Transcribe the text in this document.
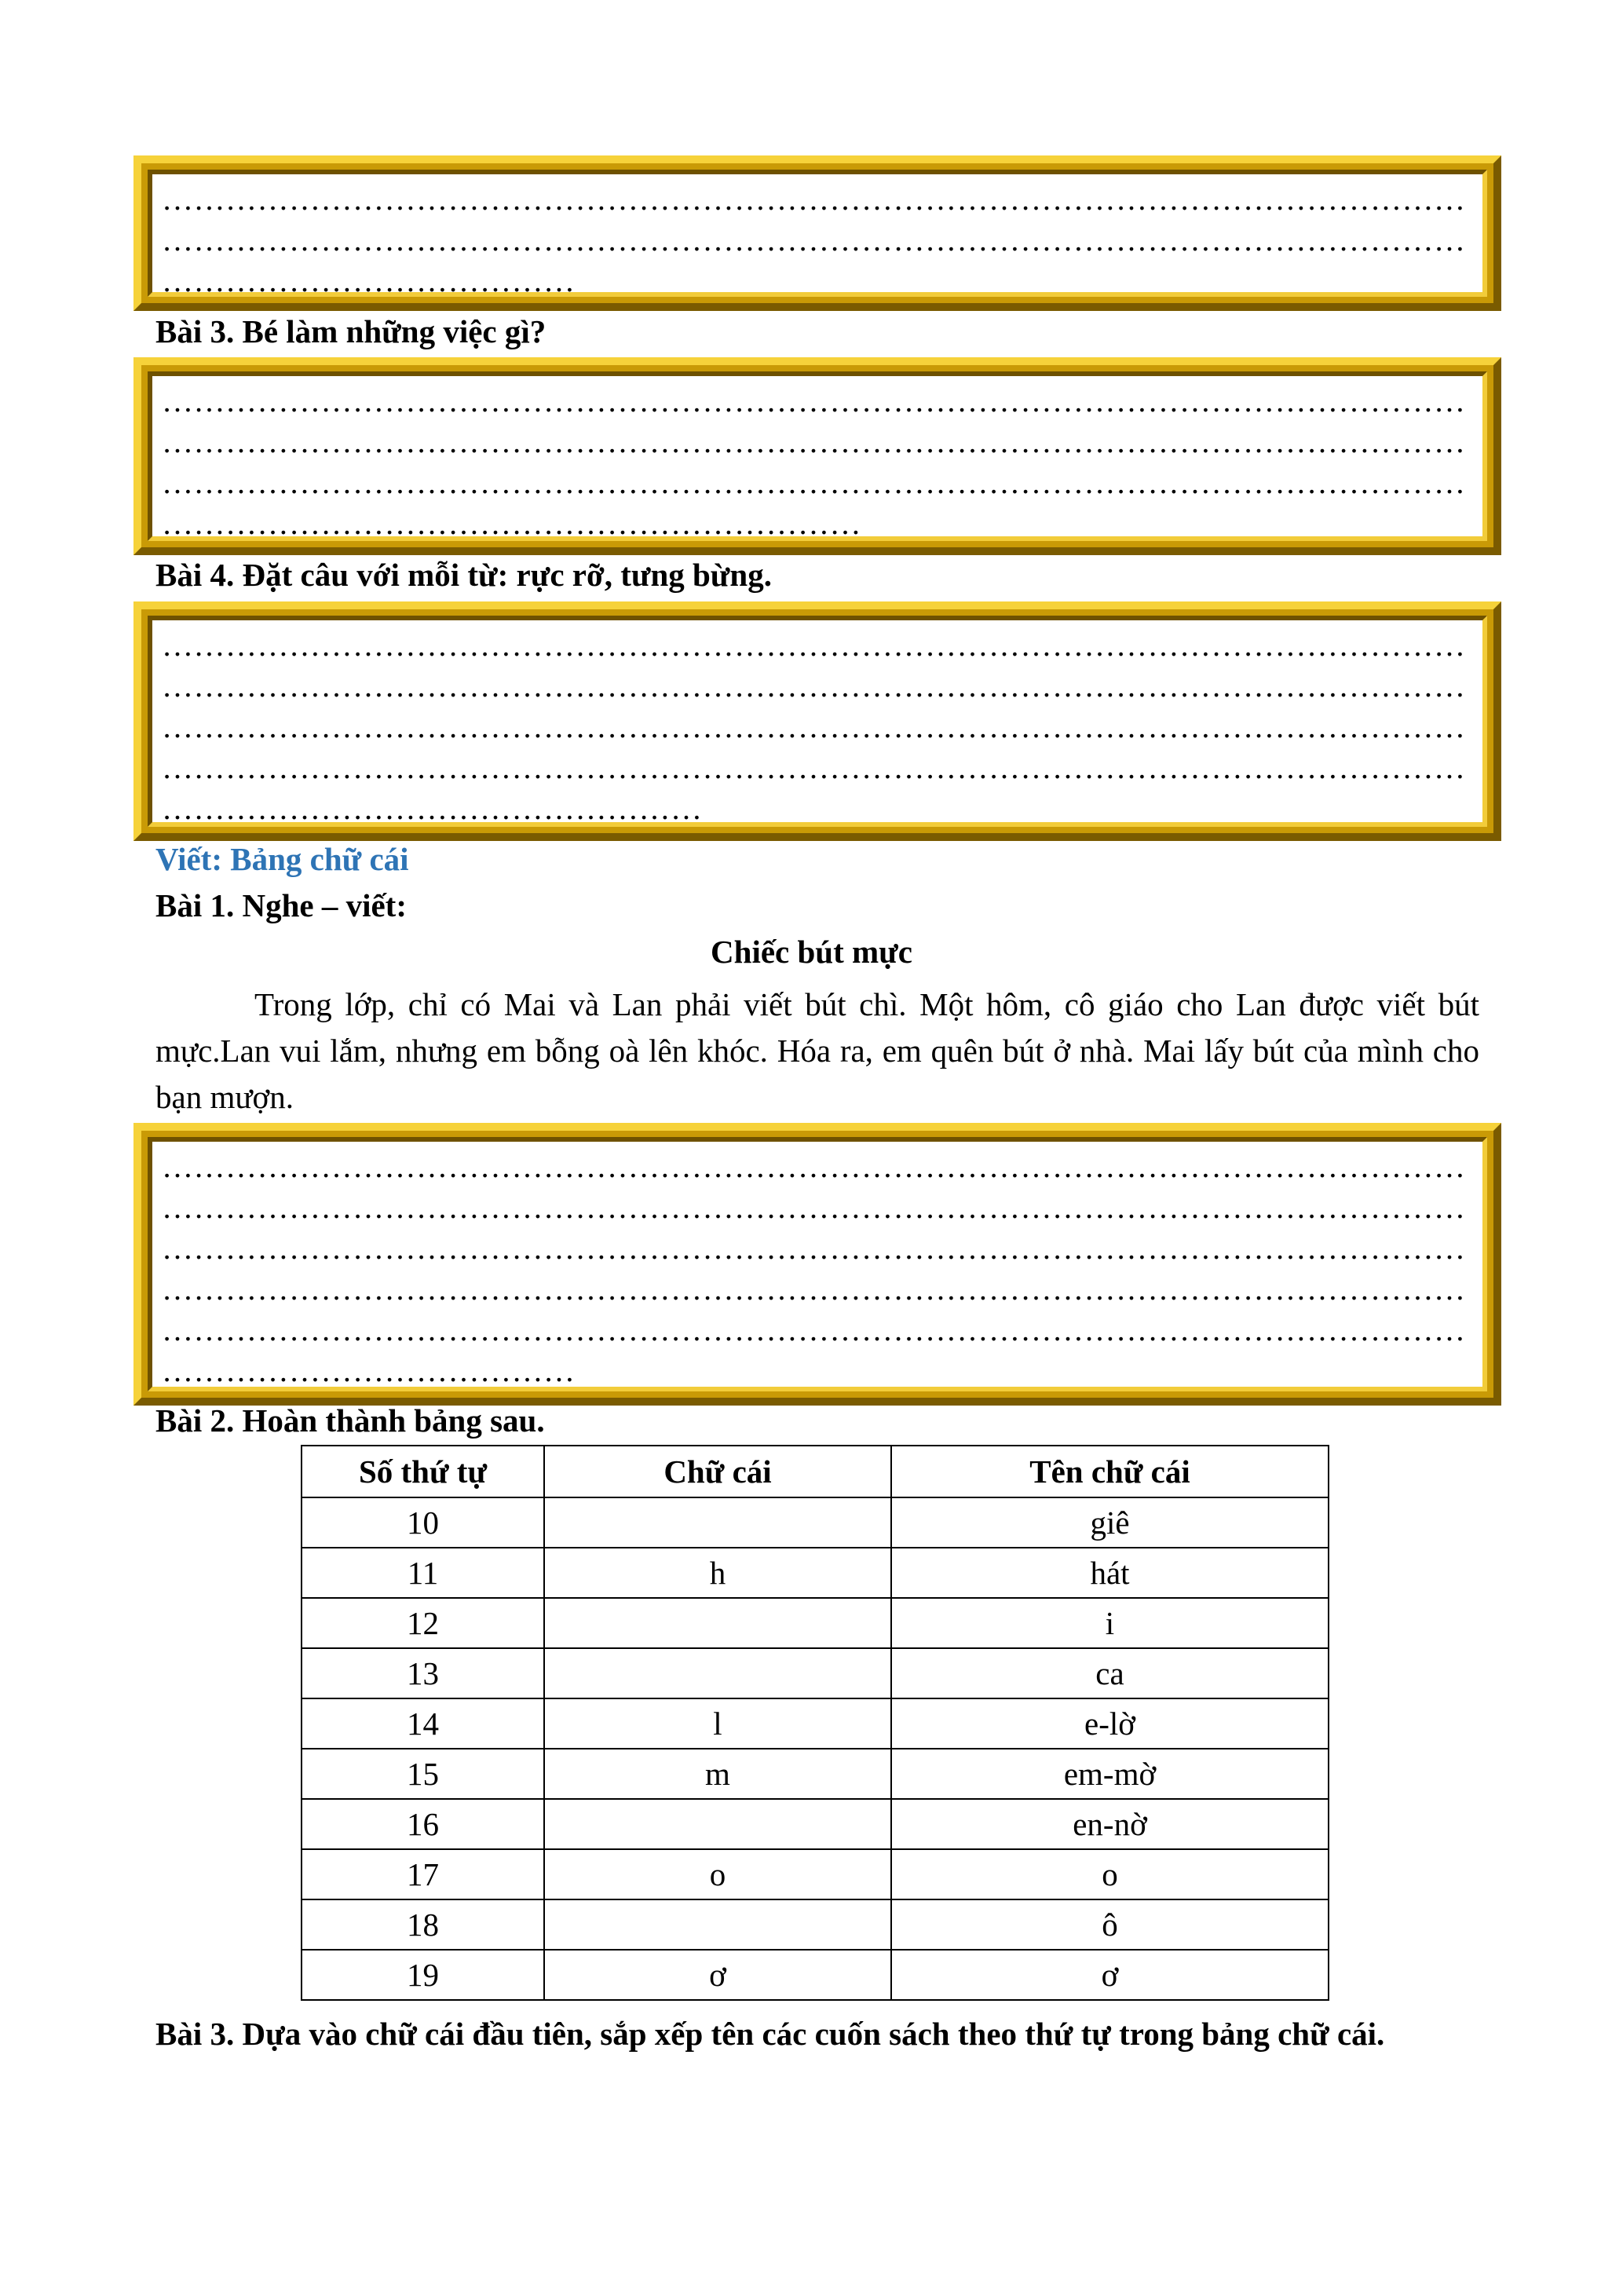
……………………………………………………………………………………………………………
……………………………………………………………………………………………………………
…………………………………
Bài 3. Bé làm những việc gì?
……………………………………………………………………………………………………………
……………………………………………………………………………………………………………
……………………………………………………………………………………………………………
…………………………………………………………
Bài 4. Đặt câu với mỗi từ: rực rỡ, tưng bừng.
……………………………………………………………………………………………………………
……………………………………………………………………………………………………………
……………………………………………………………………………………………………………
……………………………………………………………………………………………………………
……………………………………………
Viết: Bảng chữ cái
Bài 1. Nghe – viết:
Chiếc bút mực
Trong lớp, chỉ có Mai và Lan phải viết bút chì. Một hôm, cô giáo cho Lan được viết bút mực.Lan vui lắm, nhưng em bỗng oà lên khóc. Hóa ra, em quên bút ở nhà. Mai lấy bút của mình cho bạn mượn.
……………………………………………………………………………………………………………
……………………………………………………………………………………………………………
……………………………………………………………………………………………………………
……………………………………………………………………………………………………………
……………………………………………………………………………………………………………
…………………………………
Bài 2. Hoàn thành bảng sau.
Số thứ tự	Chữ cái	Tên chữ cái
10		giê
11	h	hát
12		i
13		ca
14	l	e-lờ
15	m	em-mờ
16		en-nờ
17	o	o
18		ô
19	ơ	ơ
Bài 3. Dựa vào chữ cái đầu tiên, sắp xếp tên các cuốn sách theo thứ tự trong bảng chữ cái.
